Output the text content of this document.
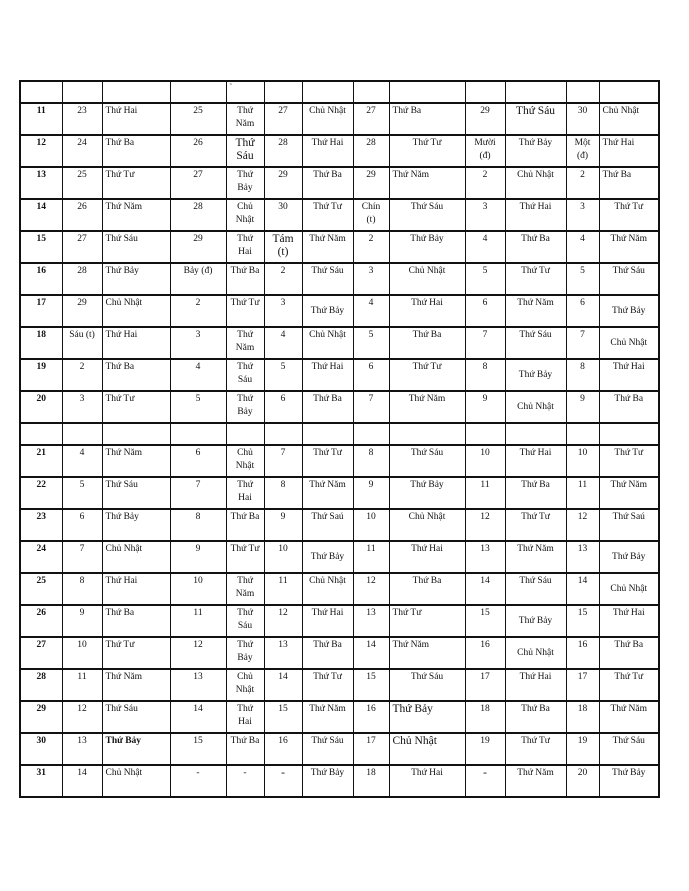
				°								

11	23	Thứ Hai	25	Thứ Năm	27	Chủ Nhật	27	Thứ Ba	29	Thứ Sáu	30	Chủ Nhật
12	24	Thứ Ba	26	Thứ Sáu	28	Thứ Hai	28	Thứ Tư	Mười (đ)	Thứ Bảy	Một (đ)	Thứ Hai
13	25	Thứ Tư	27	Thứ Bảy	29	Thứ Ba	29	Thứ Năm	2	Chủ Nhật	2	Thứ Ba
14	26	Thứ Năm	28	Chủ Nhật	30	Thứ Tư	Chín (t)	Thứ Sáu	3	Thứ Hai	3	Thứ Tư
15	27	Thứ Sáu	29	Thứ Hai	Tám (t)	Thứ Năm	2	Thứ Bảy	4	Thứ Ba	4	Thứ Năm
16	28	Thứ Bảy	Bảy (đ)	Thứ Ba	2	Thứ Sáu	3	Chủ Nhật	5	Thứ Tư	5	Thứ Sáu
17	29	Chủ Nhật	2	Thứ Tư	3	Thứ Bảy	4	Thứ Hai	6	Thứ Năm	6	Thứ Bảy
18	Sáu (t)	Thứ Hai	3	Thứ Năm	4	Chủ Nhật	5	Thứ Ba	7	Thứ Sáu	7	Chủ Nhật
19	2	Thứ Ba	4	Thứ Sáu	5	Thứ Hai	6	Thứ Tư	8	Thứ Bảy	8	Thứ Hai
20	3	Thứ Tư	5	Thứ Bảy	6	Thứ Ba	7	Thứ Năm	9	Chủ Nhật	9	Thứ Ba

21	4	Thứ Năm	6	Chủ Nhật	7	Thứ Tư	8	Thứ Sáu	10	Thứ Hai	10	Thứ Tư
22	5	Thứ Sáu	7	Thứ Hai	8	Thứ Năm	9	Thứ Bảy	11	Thứ Ba	11	Thứ Năm
23	6	Thứ Bảy	8	Thứ Ba	9	Thứ Saú	10	Chủ Nhật	12	Thứ Tư	12	Thứ Saú
24	7	Chủ Nhật	9	Thứ Tư	10	Thứ Bảy	11	Thứ Hai	13	Thứ Năm	13	Thứ Bảy
25	8	Thứ Hai	10	Thứ Năm	11	Chủ Nhật	12	Thứ Ba	14	Thứ Sáu	14	Chủ Nhật
26	9	Thứ Ba	11	Thứ Sáu	12	Thứ Hai	13	Thứ Tư	15	Thứ Bảy	15	Thứ Hai
27	10	Thứ Tư	12	Thứ Bảy	13	Thứ Ba	14	Thứ Năm	16	Chủ Nhật	16	Thứ Ba
28	11	Thứ Năm	13	Chủ Nhật	14	Thứ Tư	15	Thứ Sáu	17	Thứ Hai	17	Thứ Tư
29	12	Thứ Sáu	14	Thứ Hai	15	Thứ Năm	16	Thứ Bảy	18	Thứ Ba	18	Thứ Năm
30	13	Thứ Bảy	15	Thứ Ba	16	Thứ Sáu	17	Chủ Nhật	19	Thứ Tư	19	Thứ Sáu
31	14	Chủ Nhật	-	-	-	Thứ Bảy	18	Thứ Hai	-	Thứ Năm	20	Thứ Bảy
